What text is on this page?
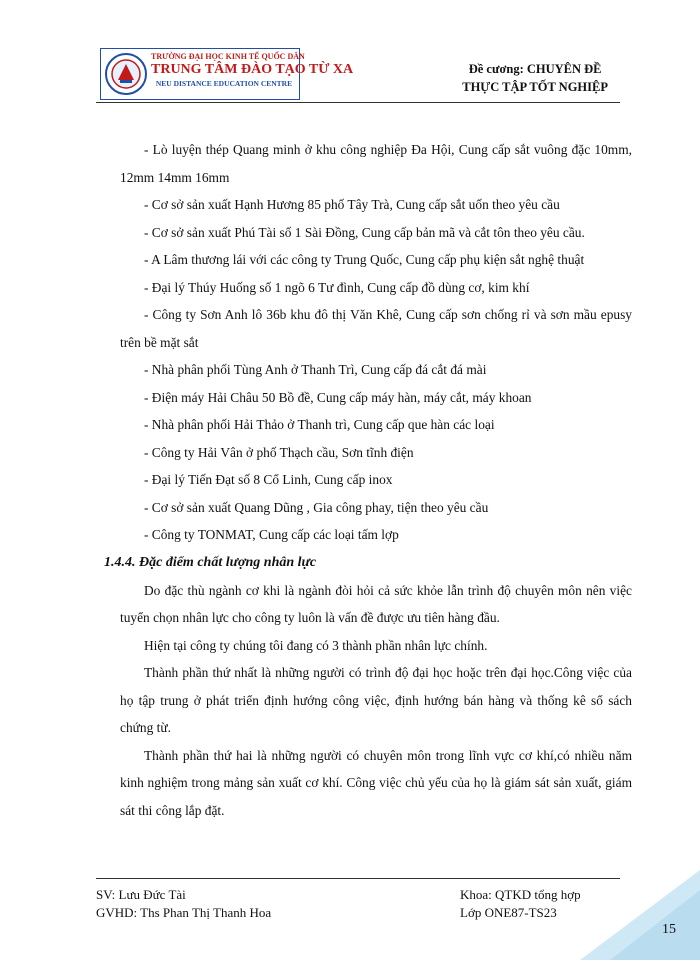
TRƯỜNG ĐẠI HỌC KINH TẾ QUỐC DÂN
TRUNG TÂM ĐÀO TẠO TỪ XA
NEU DISTANCE EDUCATION CENTRE
Đề cương: CHUYÊN ĐỀ
THỰC TẬP TỐT NGHIỆP

- Lò luyện thép Quang minh ở khu công nghiệp Đa Hội, Cung cấp sắt vuông đặc 10mm, 12mm 14mm 16mm

- Cơ sở sản xuất Hạnh Hương 85 phố Tây Trà, Cung cấp sắt uốn theo yêu cầu

- Cơ sở sản xuất Phú Tài số 1 Sài Đồng, Cung cấp bản mã và cắt tôn theo yêu cầu.

- A Lâm thương lái với các công ty Trung Quốc, Cung cấp phụ kiện sắt nghệ thuật

- Đại lý Thúy Huống số 1 ngõ 6 Tư đình, Cung cấp đồ dùng cơ, kim khí

- Công ty Sơn Anh lô 36b khu đô thị Văn Khê, Cung cấp sơn chống rỉ và sơn mầu epusy trên bề mặt sắt

- Nhà phân phối Tùng Anh ở Thanh Trì, Cung cấp đá cắt đá mài

- Điện máy Hải Châu 50 Bồ đề, Cung cấp máy hàn, máy cắt, máy khoan

- Nhà phân phối Hải Thảo ở Thanh trì, Cung cấp que hàn các loại

- Công ty Hải Vân ở phố Thạch cầu, Sơn tĩnh điện

- Đại lý Tiến Đạt số 8 Cổ Linh, Cung cấp inox

- Cơ sở sản xuất Quang Dũng , Gia công phay, tiện theo yêu cầu

- Công ty TONMAT, Cung cấp các loại tấm lợp

1.4.4. Đặc điểm chất lượng nhân lực

Do đặc thù ngành cơ khi là ngành đòi hỏi cả sức khỏe lẫn trình độ chuyên môn nên việc tuyển chọn nhân lực cho công ty luôn là vấn đề được ưu tiên hàng đầu.

Hiện tại công ty chúng tôi đang có 3 thành phần nhân lực chính.

Thành phần thứ nhất là những người có trình độ đại học hoặc trên đại học.Công việc của họ tập trung ở phát triển định hướng công việc, định hướng bán hàng và thống kê sổ sách chứng từ.

Thành phần thứ hai là những người có chuyên môn trong lĩnh vực cơ khí,có nhiều năm kinh nghiệm trong mảng sản xuất cơ khí. Công việc chủ yếu của họ là giám sát sản xuất, giám sát thi công lắp đặt.

SV: Lưu Đức Tài
GVHD: Ths Phan Thị Thanh Hoa
Khoa: QTKD tổng hợp
Lớp ONE87-TS23
15
